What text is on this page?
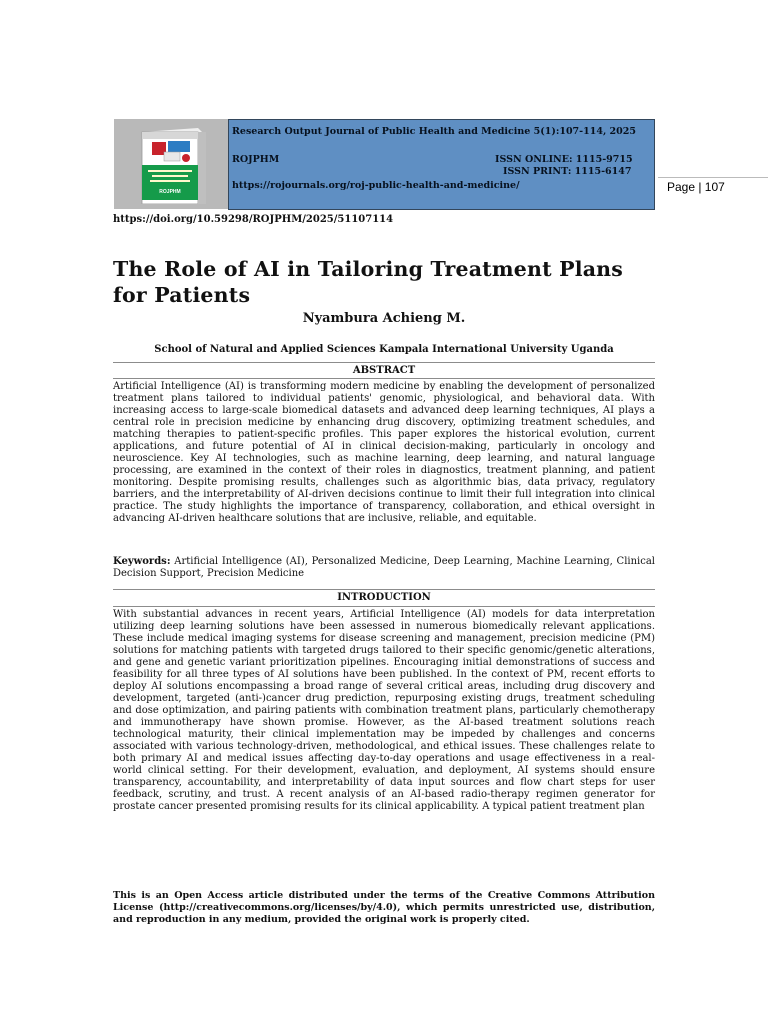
ROJPHM
Research Output Journal of Public Health and Medicine 5(1):107-114, 2025
ROJPHM	ISSN ONLINE: 1115-9715
ISSN PRINT: 1115-6147
https://rojournals.org/roj-public-health-and-medicine/	Page | 107
https://doi.org/10.59298/ROJPHM/2025/51107114
The Role of AI in Tailoring Treatment Plans for Patients
Nyambura Achieng M.
School of Natural and Applied Sciences Kampala International University Uganda
ABSTRACT

Artificial Intelligence (AI) is transforming modern medicine by enabling the development of personalized treatment plans tailored to individual patients' genomic, physiological, and behavioral data. With increasing access to large-scale biomedical datasets and advanced deep learning techniques, AI plays a central role in precision medicine by enhancing drug discovery, optimizing treatment schedules, and matching therapies to patient-specific profiles. This paper explores the historical evolution, current applications, and future potential of AI in clinical decision-making, particularly in oncology and neuroscience. Key AI technologies, such as machine learning, deep learning, and natural language processing, are examined in the context of their roles in diagnostics, treatment planning, and patient monitoring. Despite promising results, challenges such as algorithmic bias, data privacy, regulatory barriers, and the interpretability of AI-driven decisions continue to limit their full integration into clinical practice. The study highlights the importance of transparency, collaboration, and ethical oversight in advancing AI-driven healthcare solutions that are inclusive, reliable, and equitable.

Keywords: Artificial Intelligence (AI), Personalized Medicine, Deep Learning, Machine Learning, Clinical Decision Support, Precision Medicine

INTRODUCTION

With substantial advances in recent years, Artificial Intelligence (AI) models for data interpretation utilizing deep learning solutions have been assessed in numerous biomedically relevant applications. These include medical imaging systems for disease screening and management, precision medicine (PM) solutions for matching patients with targeted drugs tailored to their specific genomic/genetic alterations, and gene and genetic variant prioritization pipelines. Encouraging initial demonstrations of success and feasibility for all three types of AI solutions have been published. In the context of PM, recent efforts to deploy AI solutions encompassing a broad range of several critical areas, including drug discovery and development, targeted (anti-)cancer drug prediction, repurposing existing drugs, treatment scheduling and dose optimization, and pairing patients with combination treatment plans, particularly chemotherapy and immunotherapy have shown promise. However, as the AI-based treatment solutions reach technological maturity, their clinical implementation may be impeded by challenges and concerns associated with various technology-driven, methodological, and ethical issues. These challenges relate to both primary AI and medical issues affecting day-to-day operations and usage effectiveness in a real-world clinical setting. For their development, evaluation, and deployment, AI systems should ensure transparency, accountability, and interpretability of data input sources and flow chart steps for user feedback, scrutiny, and trust. A recent analysis of an AI-based radio-therapy regimen generator for prostate cancer presented promising results for its clinical applicability. A typical patient treatment plan

This is an Open Access article distributed under the terms of the Creative Commons Attribution License (http://creativecommons.org/licenses/by/4.0), which permits unrestricted use, distribution, and reproduction in any medium, provided the original work is properly cited.
